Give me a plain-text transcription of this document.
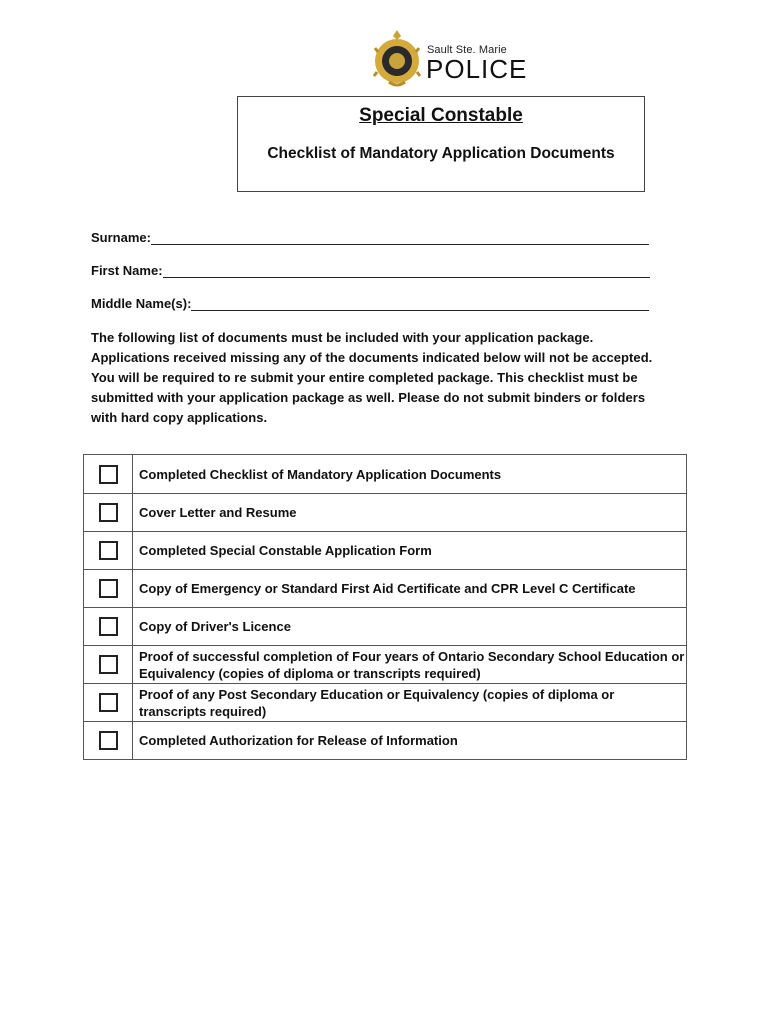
Sault Ste. Marie
POLICE
Special Constable
Checklist of Mandatory Application Documents
Surname:
First Name:
Middle Name(s):
The following list of documents must be included with your application package. Applications received missing any of the documents indicated below will not be accepted. You will be required to re submit your entire completed package. This checklist must be submitted with your application package as well. Please do not submit binders or folders with hard copy applications.
	Completed Checklist of Mandatory Application Documents
	Cover Letter and Resume
	Completed Special Constable Application Form
	Copy of Emergency or Standard First Aid Certificate and CPR Level C Certificate
	Copy of Driver's Licence
	Proof of successful completion of Four years of Ontario Secondary School Education or Equivalency (copies of diploma or transcripts required)
	Proof of any Post Secondary Education or Equivalency (copies of diploma or transcripts required)
	Completed Authorization for Release of Information
